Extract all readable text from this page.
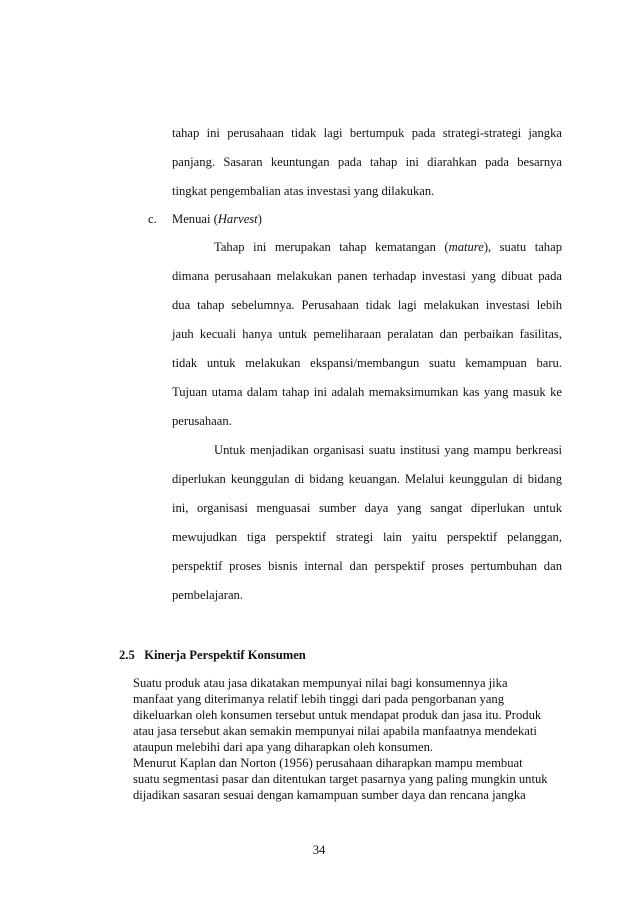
tahap ini perusahaan tidak lagi bertumpuk pada strategi-strategi jangka
panjang. Sasaran keuntungan pada tahap ini diarahkan pada besarnya
tingkat pengembalian atas investasi yang dilakukan.
c. Menuai (Harvest)
Tahap ini merupakan tahap kematangan (mature), suatu tahap
dimana perusahaan melakukan panen terhadap investasi yang dibuat pada
dua tahap sebelumnya. Perusahaan tidak lagi melakukan investasi lebih
jauh kecuali hanya untuk pemeliharaan peralatan dan perbaikan fasilitas,
tidak untuk melakukan ekspansi/membangun suatu kemampuan baru.
Tujuan utama dalam tahap ini adalah memaksimumkan kas yang masuk ke
perusahaan.
Untuk menjadikan organisasi suatu institusi yang mampu berkreasi
diperlukan keunggulan di bidang keuangan. Melalui keunggulan di bidang
ini, organisasi menguasai sumber daya yang sangat diperlukan untuk
mewujudkan tiga perspektif strategi lain yaitu perspektif pelanggan,
perspektif proses bisnis internal dan perspektif proses pertumbuhan dan
pembelajaran.
2.5   Kinerja Perspektif Konsumen
Suatu produk atau jasa dikatakan mempunyai nilai bagi konsumennya jika
manfaat yang diterimanya relatif lebih tinggi dari pada pengorbanan yang
dikeluarkan oleh konsumen tersebut untuk mendapat produk dan jasa itu. Produk
atau jasa tersebut akan semakin mempunyai nilai apabila manfaatnya mendekati
ataupun melebihi dari apa yang diharapkan oleh konsumen.
Menurut Kaplan dan Norton (1956) perusahaan diharapkan mampu membuat
suatu segmentasi pasar dan ditentukan target pasarnya yang paling mungkin untuk
dijadikan sasaran sesuai dengan kamampuan sumber daya dan rencana jangka
34
